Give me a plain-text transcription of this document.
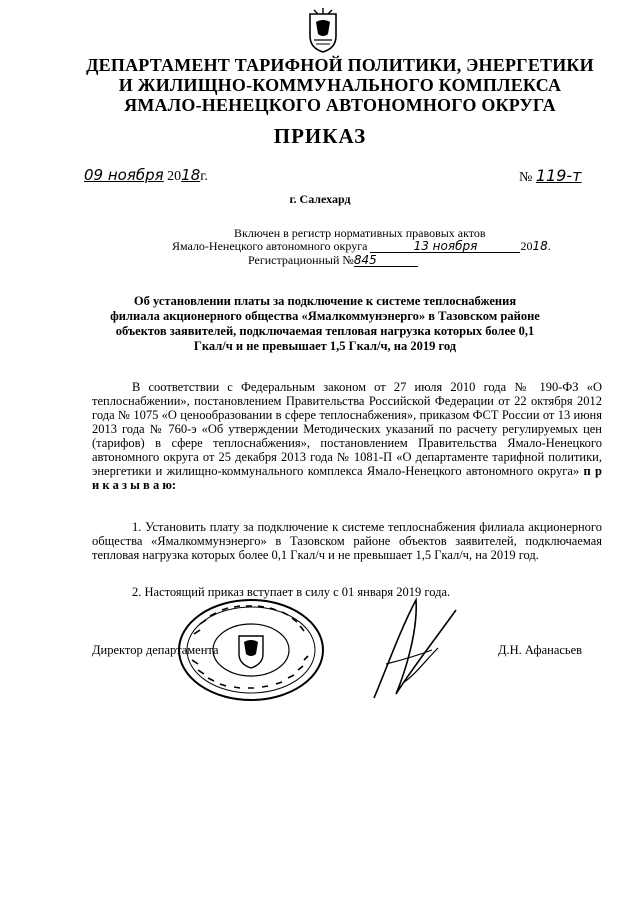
ДЕПАРТАМЕНТ ТАРИФНОЙ ПОЛИТИКИ, ЭНЕРГЕТИКИ
И ЖИЛИЩНО-КОММУНАЛЬНОГО КОМПЛЕКСА
ЯМАЛО-НЕНЕЦКОГО АВТОНОМНОГО ОКРУГА
ПРИКАЗ
09 ноября 2018г.	№ 119-т
г. Салехард
Включен в регистр нормативных правовых актов
Ямало-Ненецкого автономного округа	13 ноября	2018.
Регистрационный №845
Об установлении платы за подключение к системе теплоснабжения филиала акционерного общества «Ямалкоммунэнерго» в Тазовском районе объектов заявителей, подключаемая тепловая нагрузка которых более 0,1 Гкал/ч и не превышает 1,5 Гкал/ч, на 2019 год
В соответствии с Федеральным законом от 27 июля 2010 года № 190-ФЗ «О теплоснабжении», постановлением Правительства Российской Федерации от 22 октября 2012 года № 1075 «О ценообразовании в сфере теплоснабжения», приказом ФСТ России от 13 июня 2013 года № 760-э «Об утверждении Методических указаний по расчету регулируемых цен (тарифов) в сфере теплоснабжения», постановлением Правительства Ямало-Ненецкого автономного округа от 25 декабря 2013 года № 1081-П «О департаменте тарифной политики, энергетики и жилищно-коммунального комплекса Ямало-Ненецкого автономного округа» п р и к а з ы в а ю:
1. Установить плату за подключение к системе теплоснабжения филиала акционерного общества «Ямалкоммунэнерго» в Тазовском районе объектов заявителей, подключаемая тепловая нагрузка которых более 0,1 Гкал/ч и не превышает 1,5 Гкал/ч, на 2019 год.
2. Настоящий приказ вступает в силу с 01 января 2019 года.
Директор департамента	Д.Н. Афанасьев
